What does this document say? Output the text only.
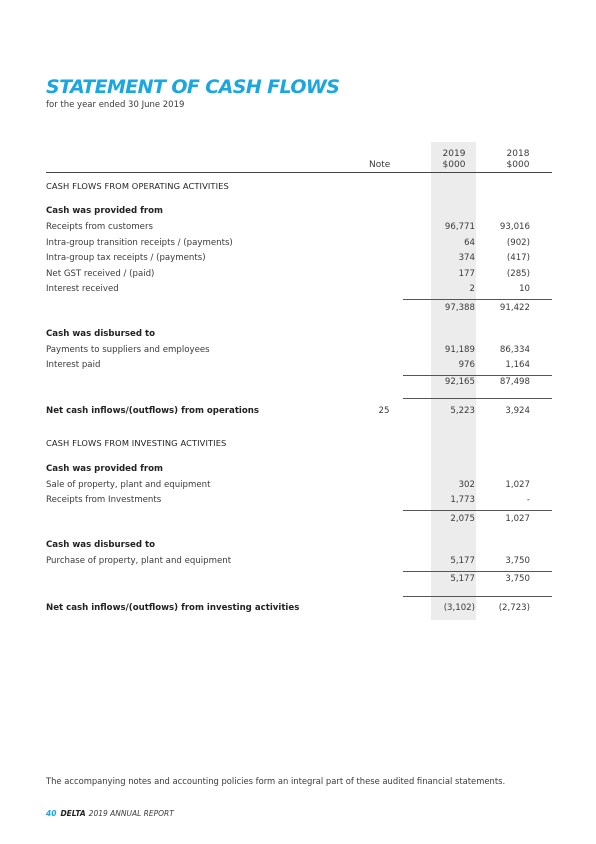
STATEMENT OF CASH FLOWS
for the year ended 30 June 2019
Note
2019
$000
2018
$000
CASH FLOWS FROM OPERATING ACTIVITIES
Cash was provided from
Receipts from customers	96,771	93,016
Intra-group transition receipts / (payments)	64	(902)
Intra-group tax receipts / (payments)	374	(417)
Net GST received / (paid)	177	(285)
Interest received	2	10
97,388	91,422
Cash was disbursed to
Payments to suppliers and employees	91,189	86,334
Interest paid	976	1,164
92,165	87,498
Net cash inflows/(outflows) from operations	25	5,223	3,924
CASH FLOWS FROM INVESTING ACTIVITIES
Cash was provided from
Sale of property, plant and equipment	302	1,027
Receipts from Investments	1,773	-
2,075	1,027
Cash was disbursed to
Purchase of property, plant and equipment	5,177	3,750
5,177	3,750
Net cash inflows/(outflows) from investing activities	(3,102)	(2,723)
The accompanying notes and accounting policies form an integral part of these audited financial statements.
40 DELTA 2019 ANNUAL REPORT
